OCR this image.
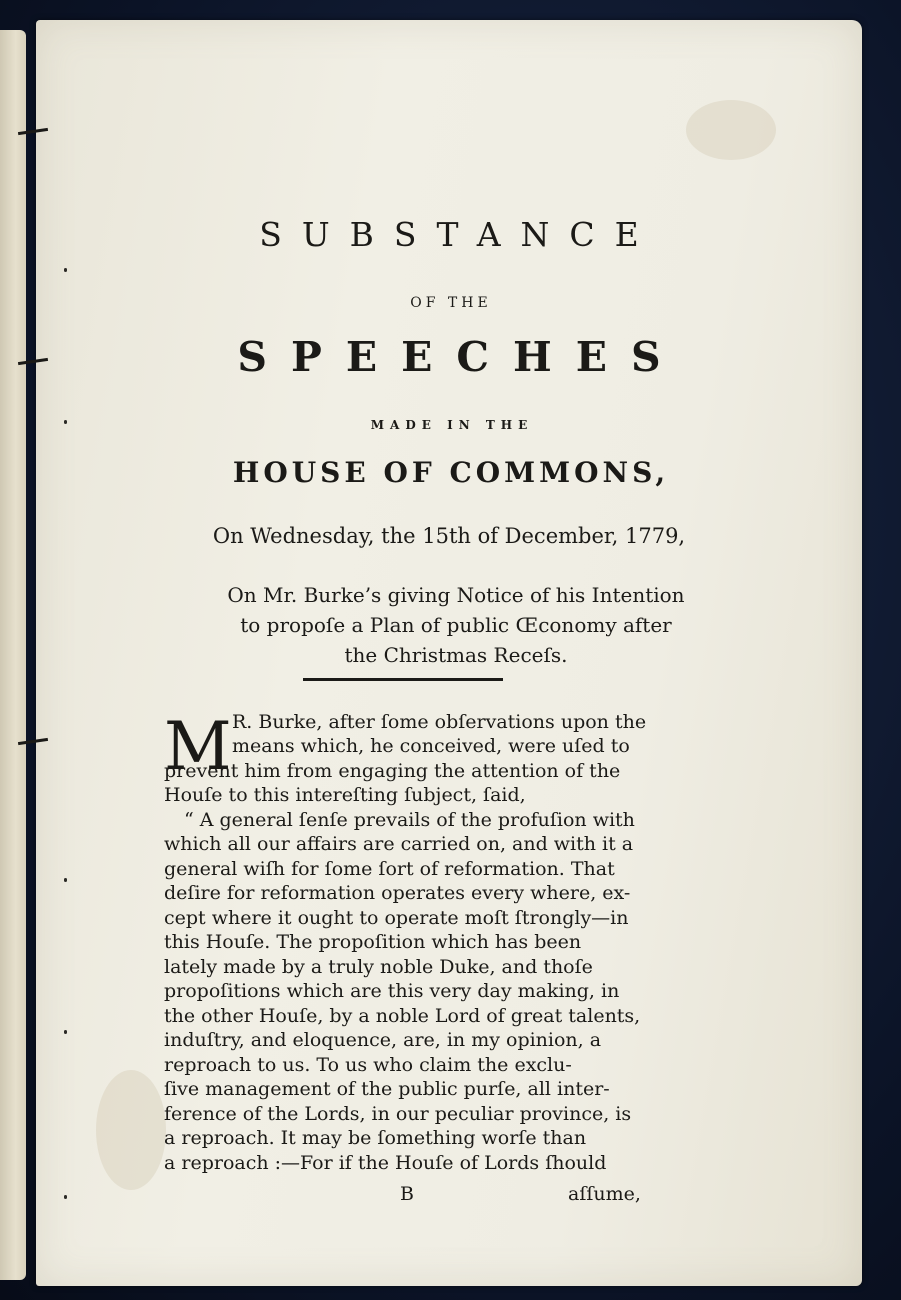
SUBSTANCE
OF THE
SPEECHES
MADE IN THE
HOUSE OF COMMONS,
On Wednesday, the 15th of December, 1779,
On Mr. Burke’s giving Notice of his Intention
to propoſe a Plan of public Œconomy after
the Christmas Receſs.
M R. Burke, after ſome obſervations upon the
means which, he conceived, were uſed to
prevent him from engaging the attention of the
Houſe to this intereſting ſubject, ſaid,
“ A general ſenſe prevails of the profuſion with
which all our affairs are carried on, and with it a
general wiſh for ſome ſort of reformation. That
deſire for reformation operates every where, ex-
cept where it ought to operate moſt ſtrongly—in
this Houſe. The propoſition which has been
lately made by a truly noble Duke, and thoſe
propoſitions which are this very day making, in
the other Houſe, by a noble Lord of great talents,
induſtry, and eloquence, are, in my opinion, a
reproach to us. To us who claim the exclu-
ſive management of the public purſe, all inter-
ference of the Lords, in our peculiar province, is
a reproach. It may be ſomething worſe than
a reproach :—For if the Houſe of Lords ſhould
B	aſſume,
